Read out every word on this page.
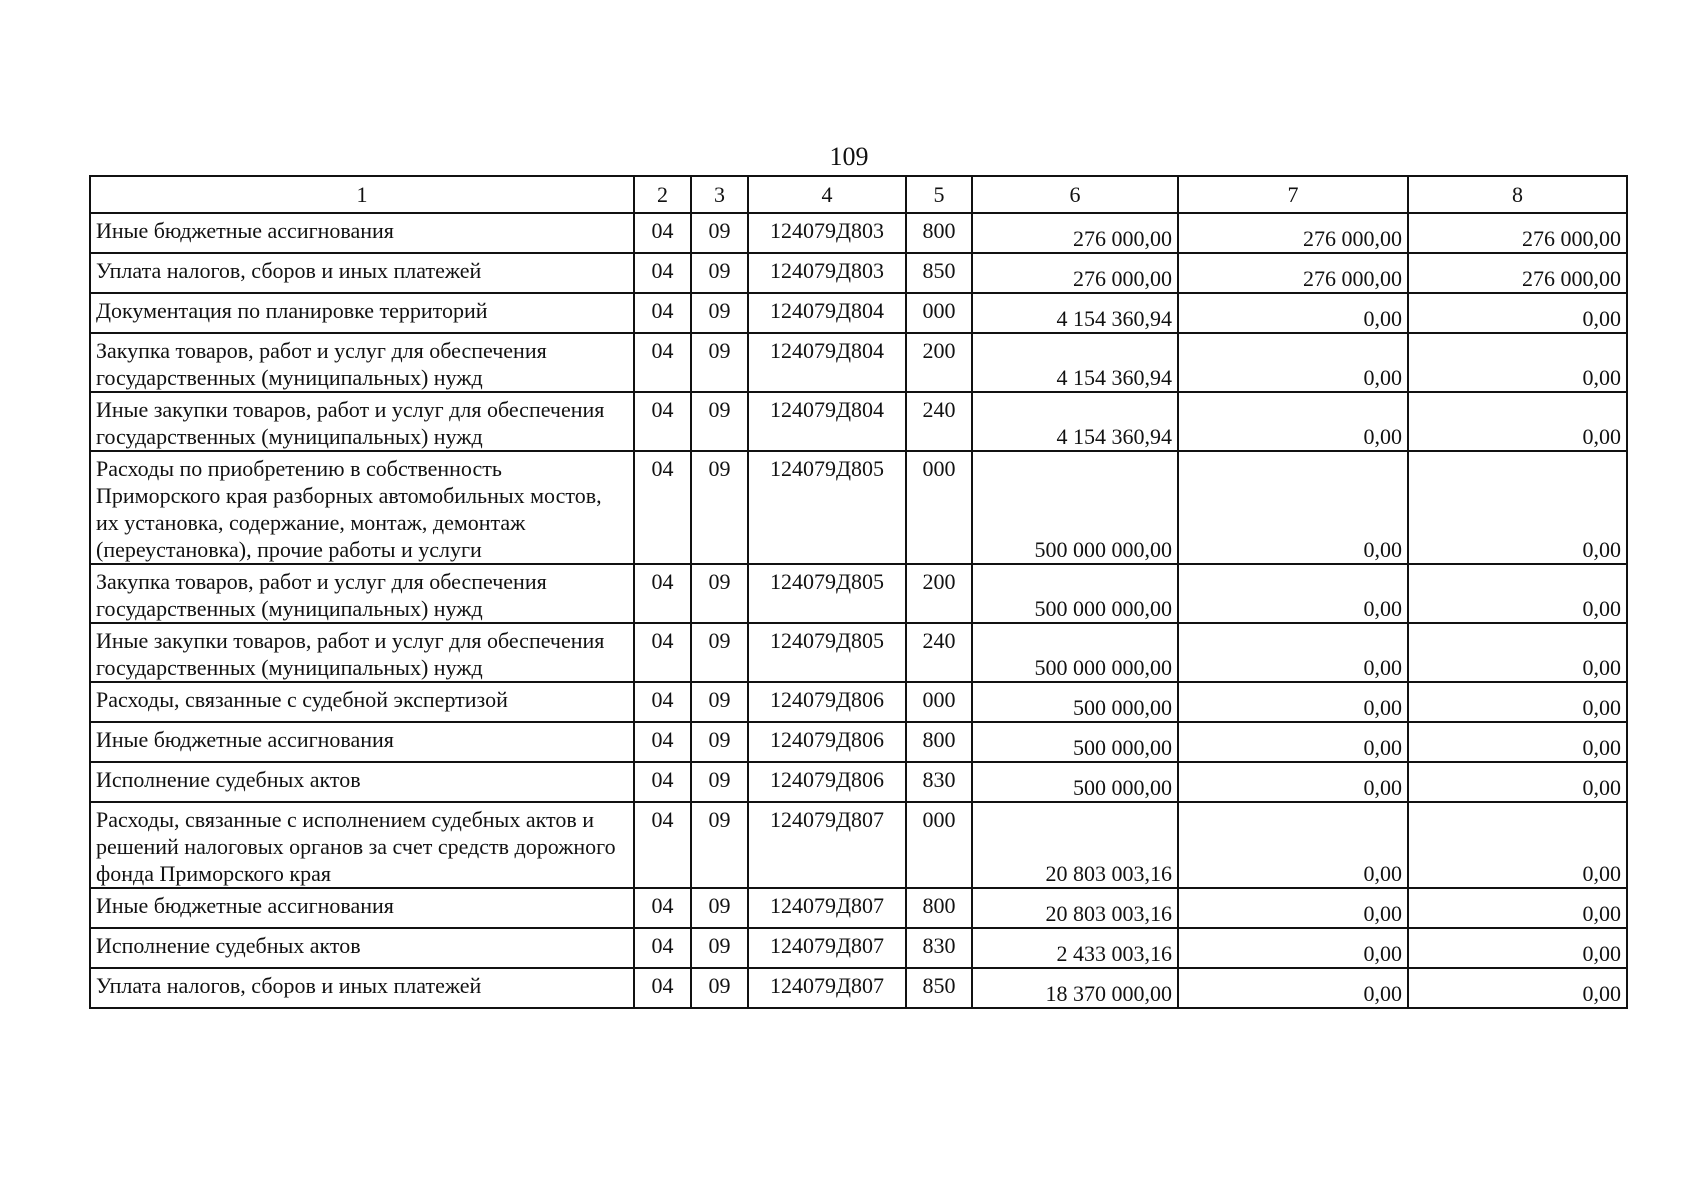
109
1	2	3	4	5	6	7	8
Иные бюджетные ассигнования	04	09	124079Д803	800	276 000,00	276 000,00	276 000,00
Уплата налогов, сборов и иных платежей	04	09	124079Д803	850	276 000,00	276 000,00	276 000,00
Документация по планировке территорий	04	09	124079Д804	000	4 154 360,94	0,00	0,00
Закупка товаров, работ и услуг для обеспечения государственных (муниципальных) нужд	04	09	124079Д804	200	4 154 360,94	0,00	0,00
Иные закупки товаров, работ и услуг для обеспечения государственных (муниципальных) нужд	04	09	124079Д804	240	4 154 360,94	0,00	0,00
Расходы по приобретению в собственность Приморского края разборных автомобильных мостов, их установка, содержание, монтаж, демонтаж (переустановка), прочие работы и услуги	04	09	124079Д805	000	500 000 000,00	0,00	0,00
Закупка товаров, работ и услуг для обеспечения государственных (муниципальных) нужд	04	09	124079Д805	200	500 000 000,00	0,00	0,00
Иные закупки товаров, работ и услуг для обеспечения государственных (муниципальных) нужд	04	09	124079Д805	240	500 000 000,00	0,00	0,00
Расходы, связанные с судебной экспертизой	04	09	124079Д806	000	500 000,00	0,00	0,00
Иные бюджетные ассигнования	04	09	124079Д806	800	500 000,00	0,00	0,00
Исполнение судебных актов	04	09	124079Д806	830	500 000,00	0,00	0,00
Расходы, связанные с исполнением судебных актов и решений налоговых органов за счет средств дорожного фонда Приморского края	04	09	124079Д807	000	20 803 003,16	0,00	0,00
Иные бюджетные ассигнования	04	09	124079Д807	800	20 803 003,16	0,00	0,00
Исполнение судебных актов	04	09	124079Д807	830	2 433 003,16	0,00	0,00
Уплата налогов, сборов и иных платежей	04	09	124079Д807	850	18 370 000,00	0,00	0,00
